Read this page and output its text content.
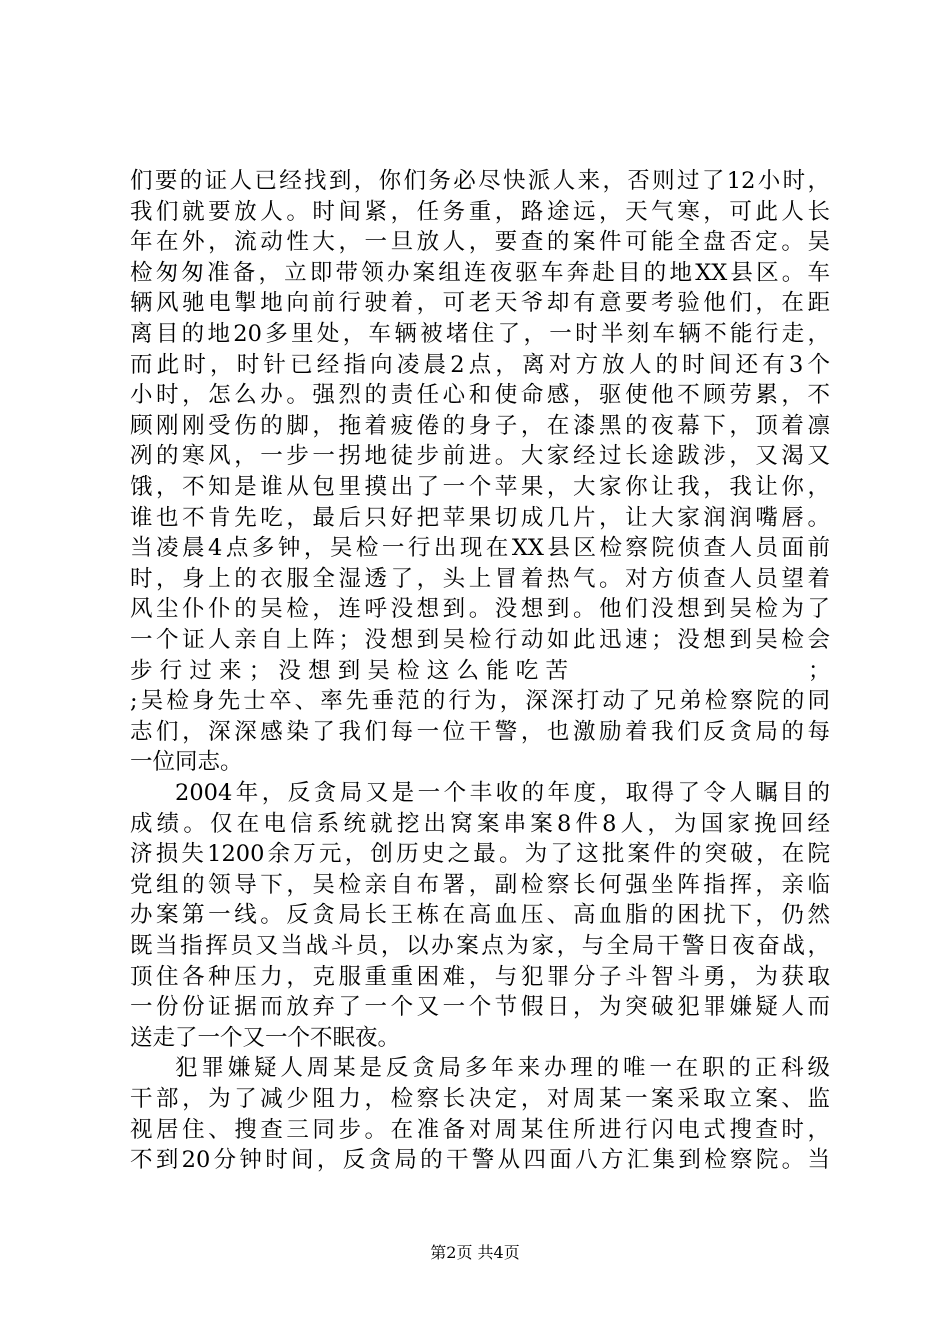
们要的证人已经找到，你们务必尽快派人来，否则过了12小时，
我们就要放人。时间紧，任务重，路途远，天气寒，可此人长
年在外，流动性大，一旦放人，要查的案件可能全盘否定。吴
检匆匆准备，立即带领办案组连夜驱车奔赴目的地XX县区。车
辆风驰电掣地向前行驶着，可老天爷却有意要考验他们，在距
离目的地20多里处，车辆被堵住了，一时半刻车辆不能行走，
而此时，时针已经指向凌晨2点，离对方放人的时间还有3个
小时，怎么办。强烈的责任心和使命感，驱使他不顾劳累，不
顾刚刚受伤的脚，拖着疲倦的身子，在漆黑的夜幕下，顶着凛
冽的寒风，一步一拐地徒步前进。大家经过长途跋涉，又渴又
饿，不知是谁从包里摸出了一个苹果，大家你让我，我让你，
谁也不肯先吃，最后只好把苹果切成几片，让大家润润嘴唇。
当凌晨4点多钟，吴检一行出现在XX县区检察院侦查人员面前
时，身上的衣服全湿透了，头上冒着热气。对方侦查人员望着
风尘仆仆的吴检，连呼没想到。没想到。他们没想到吴检为了
一个证人亲自上阵；没想到吴检行动如此迅速；没想到吴检会
步行过来；没想到吴检这么能吃苦	；
;吴检身先士卒、率先垂范的行为，深深打动了兄弟检察院的同
志们，深深感染了我们每一位干警，也激励着我们反贪局的每
一位同志。
2004年，反贪局又是一个丰收的年度，取得了令人瞩目的
成绩。仅在电信系统就挖出窝案串案8件8人，为国家挽回经
济损失1200余万元，创历史之最。为了这批案件的突破，在院
党组的领导下，吴检亲自布署，副检察长何强坐阵指挥，亲临
办案第一线。反贪局长王栋在高血压、高血脂的困扰下，仍然
既当指挥员又当战斗员，以办案点为家，与全局干警日夜奋战，
顶住各种压力，克服重重困难，与犯罪分子斗智斗勇，为获取
一份份证据而放弃了一个又一个节假日，为突破犯罪嫌疑人而
送走了一个又一个不眠夜。
犯罪嫌疑人周某是反贪局多年来办理的唯一在职的正科级
干部，为了减少阻力，检察长决定，对周某一案采取立案、监
视居住、搜查三同步。在准备对周某住所进行闪电式搜查时，
不到20分钟时间，反贪局的干警从四面八方汇集到检察院。当
第2页 共4页
